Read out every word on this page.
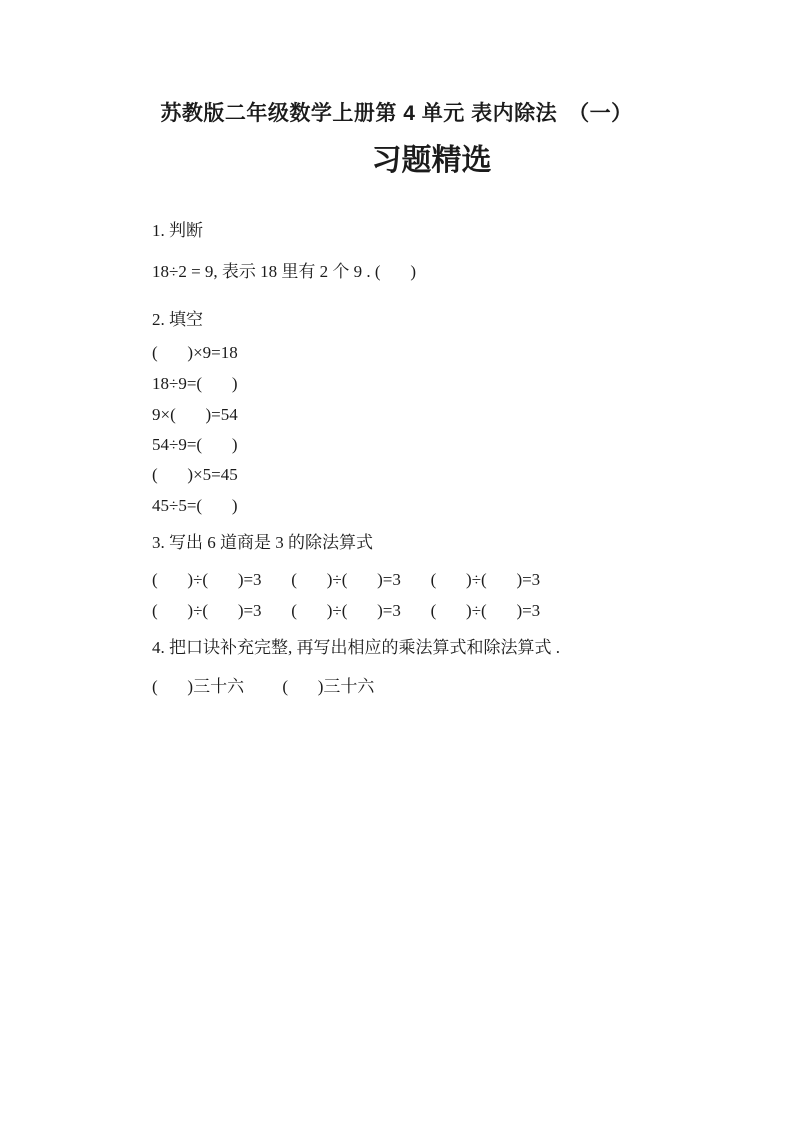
苏教版二年级数学上册第 4 单元 表内除法　（一）
习题精选
1. 判断
18÷2 = 9, 表示 18 里有 2 个 9 . (       )
2. 填空
(       )×9=18
18÷9=(       )
9×(       )=54
54÷9=(       )
(       )×5=45
45÷5=(       )
3. 写出 6 道商是 3 的除法算式
(       )÷(       )=3       (       )÷(       )=3       (       )÷(       )=3
(       )÷(       )=3       (       )÷(       )=3       (       )÷(       )=3
4. 把口诀补充完整, 再写出相应的乘法算式和除法算式 .
(       )三十六         (       )三十六
